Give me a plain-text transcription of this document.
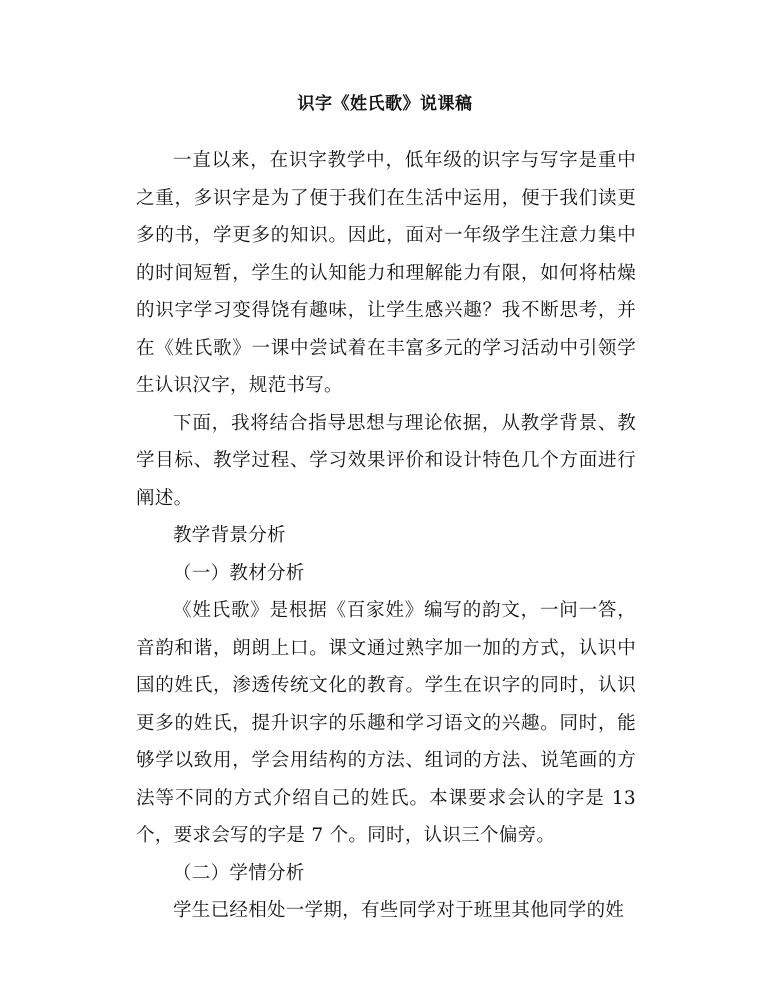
识字《姓氏歌》说课稿

一直以来，在识字教学中，低年级的识字与写字是重中之重，多识字是为了便于我们在生活中运用，便于我们读更多的书，学更多的知识。因此，面对一年级学生注意力集中的时间短暂，学生的认知能力和理解能力有限，如何将枯燥的识字学习变得饶有趣味，让学生感兴趣？我不断思考，并在《姓氏歌》一课中尝试着在丰富多元的学习活动中引领学生认识汉字，规范书写。

下面，我将结合指导思想与理论依据，从教学背景、教学目标、教学过程、学习效果评价和设计特色几个方面进行阐述。

教学背景分析

（一）教材分析

《姓氏歌》是根据《百家姓》编写的韵文，一问一答，音韵和谐，朗朗上口。课文通过熟字加一加的方式，认识中国的姓氏，渗透传统文化的教育。学生在识字的同时，认识更多的姓氏，提升识字的乐趣和学习语文的兴趣。同时，能够学以致用，学会用结构的方法、组词的方法、说笔画的方法等不同的方式介绍自己的姓氏。本课要求会认的字是 13 个，要求会写的字是 7 个。同时，认识三个偏旁。

（二）学情分析

学生已经相处一学期，有些同学对于班里其他同学的姓
